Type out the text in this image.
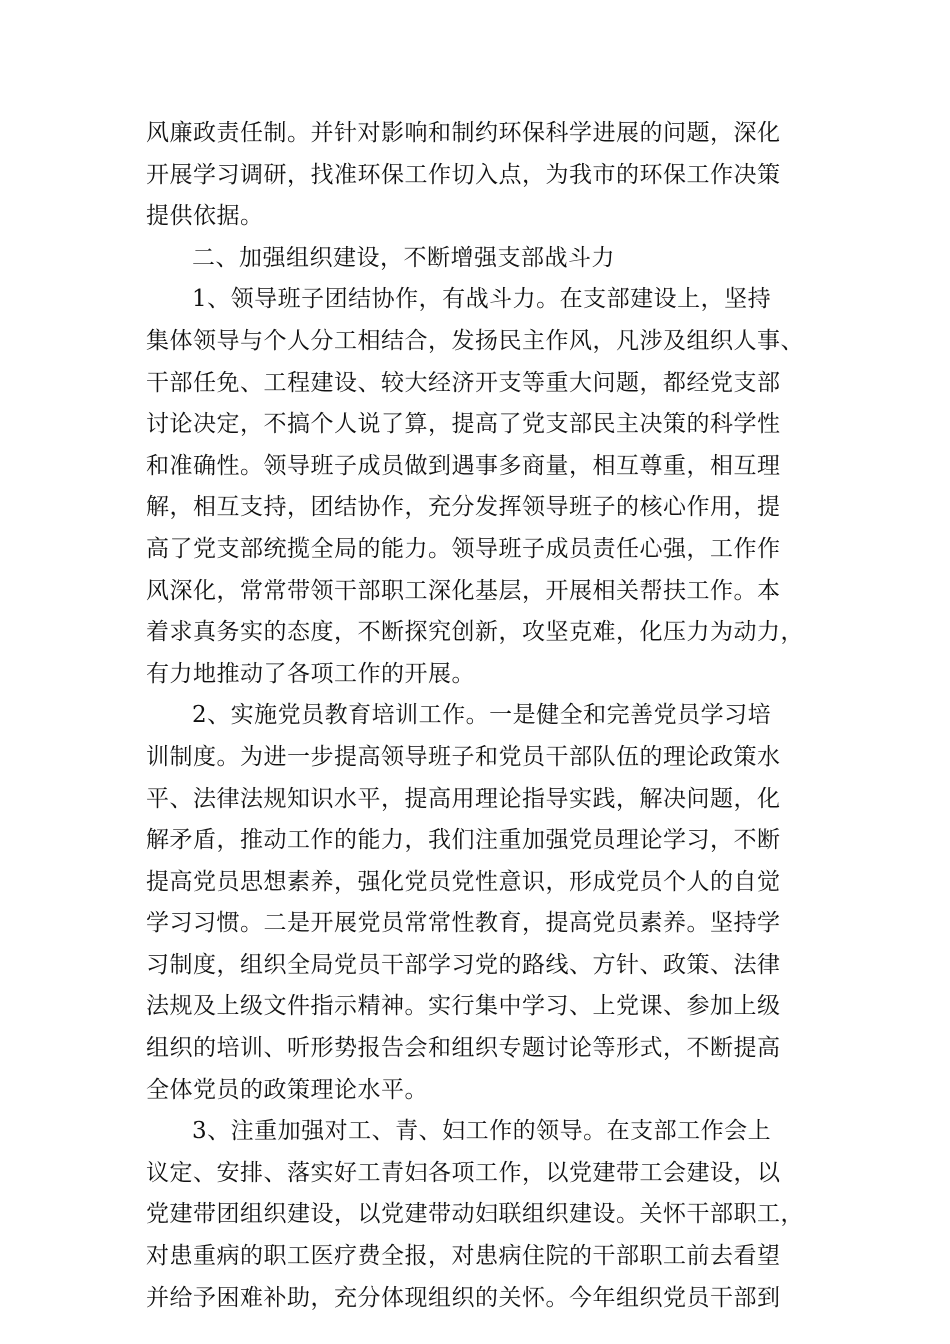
风廉政责任制。并针对影响和制约环保科学进展的问题，深化
开展学习调研，找准环保工作切入点，为我市的环保工作决策
提供依据。
二、加强组织建设，不断增强支部战斗力
1、领导班子团结协作，有战斗力。在支部建设上，坚持
集体领导与个人分工相结合，发扬民主作风，凡涉及组织人事、
干部任免、工程建设、较大经济开支等重大问题，都经党支部
讨论决定，不搞个人说了算，提高了党支部民主决策的科学性
和准确性。领导班子成员做到遇事多商量，相互尊重，相互理
解，相互支持，团结协作，充分发挥领导班子的核心作用，提
高了党支部统揽全局的能力。领导班子成员责任心强，工作作
风深化，常常带领干部职工深化基层，开展相关帮扶工作。本
着求真务实的态度，不断探究创新，攻坚克难，化压力为动力，
有力地推动了各项工作的开展。
2、实施党员教育培训工作。一是健全和完善党员学习培
训制度。为进一步提高领导班子和党员干部队伍的理论政策水
平、法律法规知识水平，提高用理论指导实践，解决问题，化
解矛盾，推动工作的能力，我们注重加强党员理论学习，不断
提高党员思想素养，强化党员党性意识，形成党员个人的自觉
学习习惯。二是开展党员常常性教育，提高党员素养。坚持学
习制度，组织全局党员干部学习党的路线、方针、政策、法律
法规及上级文件指示精神。实行集中学习、上党课、参加上级
组织的培训、听形势报告会和组织专题讨论等形式，不断提高
全体党员的政策理论水平。
3、注重加强对工、青、妇工作的领导。在支部工作会上
议定、安排、落实好工青妇各项工作，以党建带工会建设，以
党建带团组织建设，以党建带动妇联组织建设。关怀干部职工，
对患重病的职工医疗费全报，对患病住院的干部职工前去看望
并给予困难补助，充分体现组织的关怀。今年组织党员干部到
